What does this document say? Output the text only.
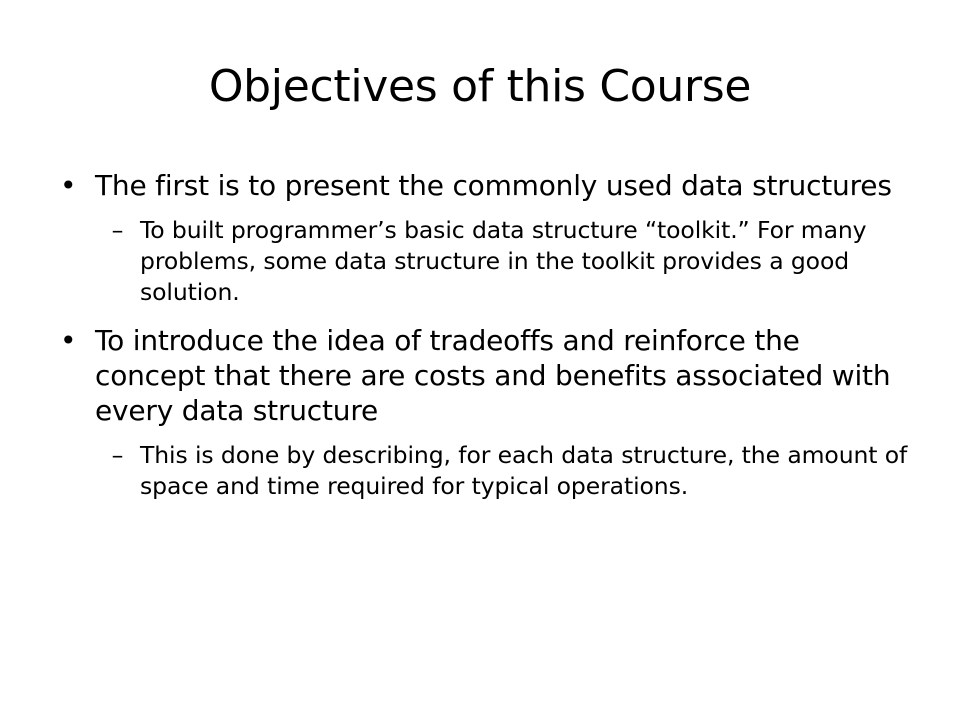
Objectives of this Course
• The first is to present the commonly used data structures
– To built programmer’s basic data structure “toolkit.” For many problems, some data structure in the toolkit provides a good solution.
• To introduce the idea of tradeoffs and reinforce the concept that there are costs and benefits associated with every data structure
– This is done by describing, for each data structure, the amount of space and time required for typical operations.
